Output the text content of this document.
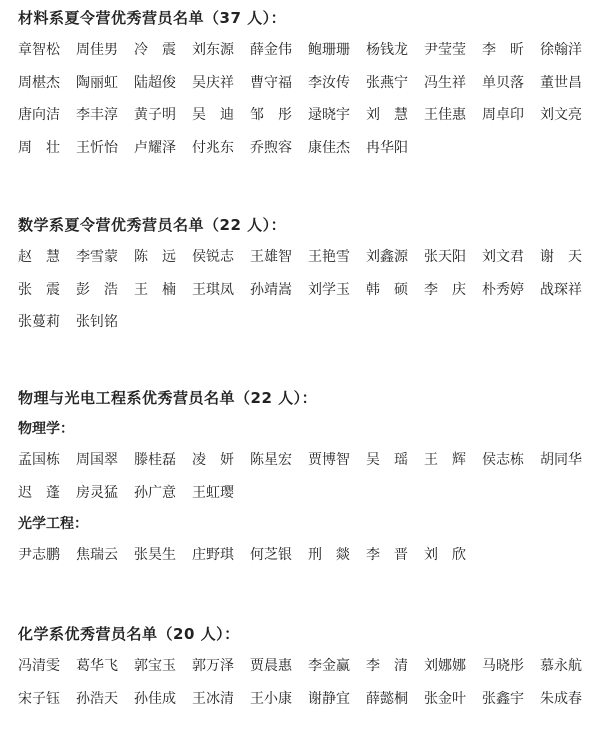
材料系夏令营优秀营员名单（37 人）：
章智松	周佳男	冷　震	刘东源	薛金伟	鲍珊珊	杨钱龙	尹莹莹	李　昕	徐翰洋
周椹杰	陶丽虹	陆超俊	吴庆祥	曹守福	李汝传	张燕宁	冯生祥	单贝落	董世昌
唐向洁	李丰淳	黄子明	吴　迪	邹　彤	逯晓宇	刘　慧	王佳惠	周卓印	刘文亮
周　壮	王忻怡	卢耀泽	付兆东	乔煦容	康佳杰	冉华阳
数学系夏令营优秀营员名单（22 人）：
赵　慧	李雪蒙	陈　远	侯锐志	王雄智	王艳雪	刘鑫源	张天阳	刘文君	谢　天
张　震	彭　浩	王　楠	王琪凤	孙靖嵩	刘学玉	韩　硕	李　庆	朴秀婷	战琛祥
张蔓莉	张钊铭
物理与光电工程系优秀营员名单（22 人）：
物理学：
孟国栋	周国翠	滕桂磊	凌　妍	陈星宏	贾博智	吴　瑶	王　辉	侯志栋	胡同华
迟　蓬	房灵猛	孙广意	王虹璎
光学工程：
尹志鹏	焦瑞云	张昊生	庄野琪	何芝银	刑　燚	李　晋	刘　欣
化学系优秀营员名单（20 人）：
冯清雯	葛华飞	郭宝玉	郭万泽	贾晨惠	李金赢	李　清	刘娜娜	马晓彤	慕永航
宋子钰	孙浩天	孙佳成	王冰清	王小康	谢静宜	薛懿桐	张金叶	张鑫宇	朱成春
